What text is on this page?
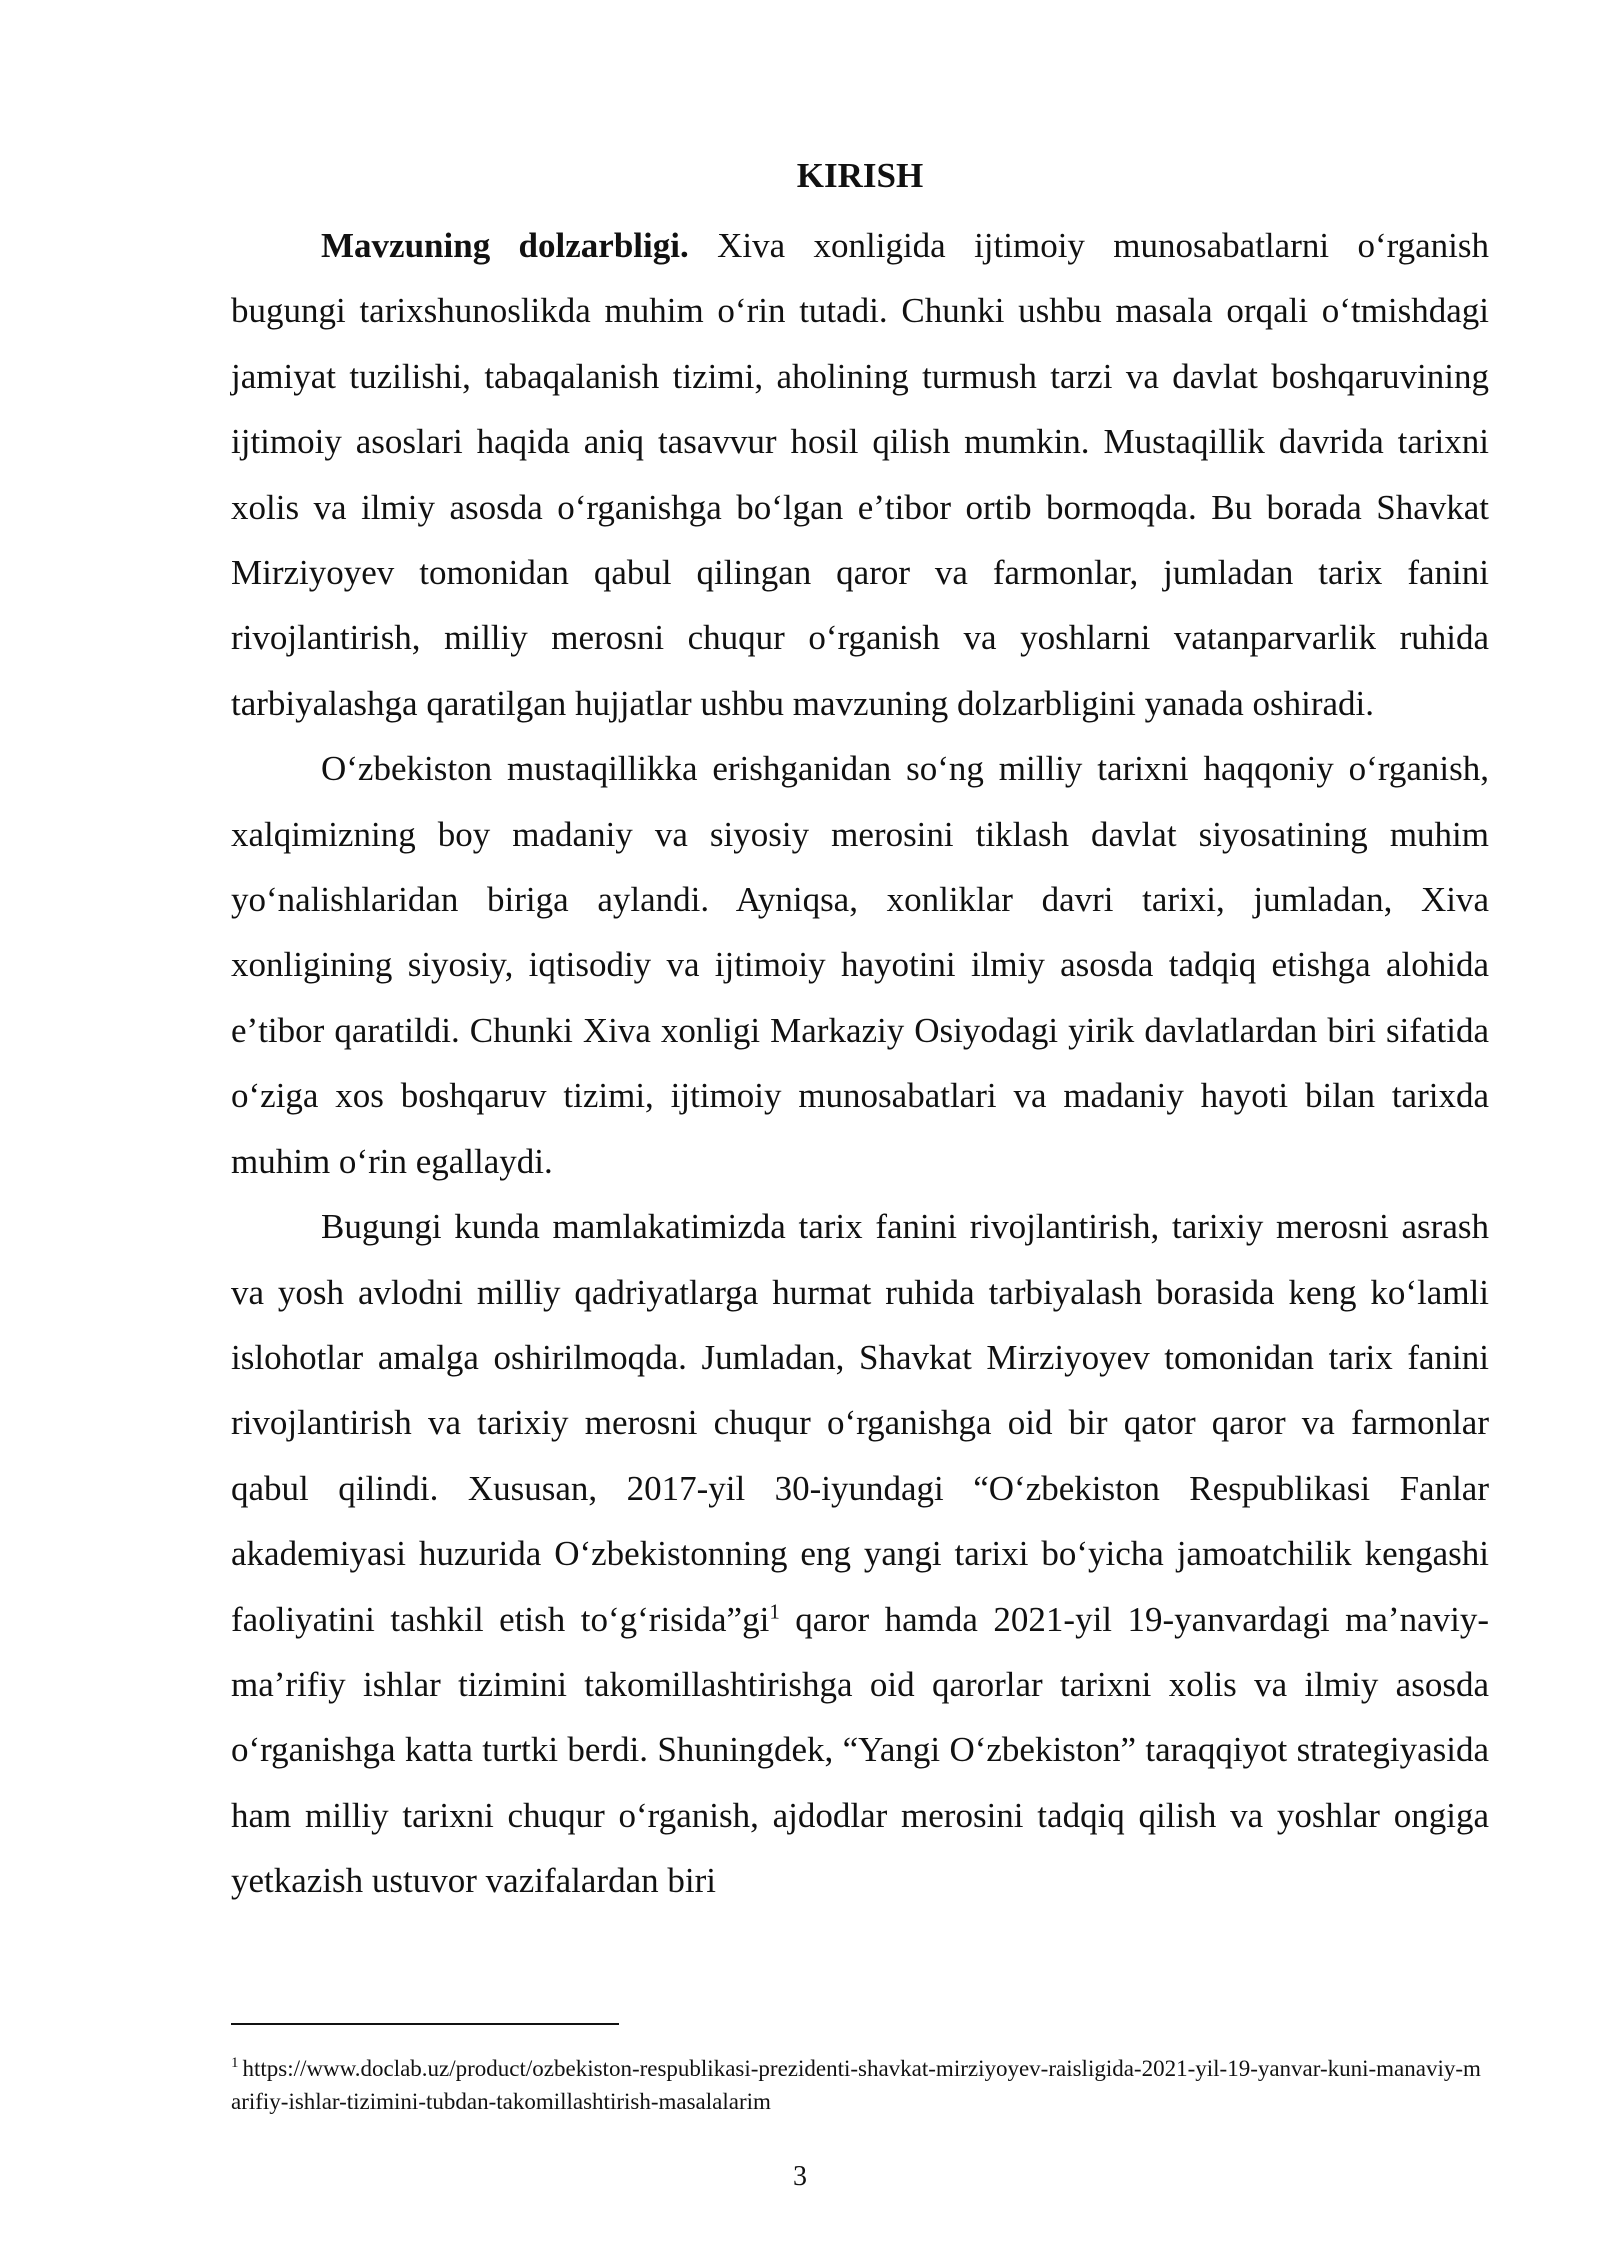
KIRISH

Mavzuning dolzarbligi. Xiva xonligida ijtimoiy munosabatlarni oʻrganish bugungi tarixshunoslikda muhim oʻrin tutadi. Chunki ushbu masala orqali oʻtmishdagi jamiyat tuzilishi, tabaqalanish tizimi, aholining turmush tarzi va davlat boshqaruvining ijtimoiy asoslari haqida aniq tasavvur hosil qilish mumkin. Mustaqillik davrida tarixni xolis va ilmiy asosda oʻrganishga boʻlgan eʼtibor ortib bormoqda. Bu borada Shavkat Mirziyoyev tomonidan qabul qilingan qaror va farmonlar, jumladan tarix fanini rivojlantirish, milliy merosni chuqur oʻrganish va yoshlarni vatanparvarlik ruhida tarbiyalashga qaratilgan hujjatlar ushbu mavzuning dolzarbligini yanada oshiradi.

Oʻzbekiston mustaqillikka erishganidan soʻng milliy tarixni haqqoniy oʻrganish, xalqimizning boy madaniy va siyosiy merosini tiklash davlat siyosatining muhim yoʻnalishlaridan biriga aylandi. Ayniqsa, xonliklar davri tarixi, jumladan, Xiva xonligining siyosiy, iqtisodiy va ijtimoiy hayotini ilmiy asosda tadqiq etishga alohida eʼtibor qaratildi. Chunki Xiva xonligi Markaziy Osiyodagi yirik davlatlardan biri sifatida oʻziga xos boshqaruv tizimi, ijtimoiy munosabatlari va madaniy hayoti bilan tarixda muhim oʻrin egallaydi.

Bugungi kunda mamlakatimizda tarix fanini rivojlantirish, tarixiy merosni asrash va yosh avlodni milliy qadriyatlarga hurmat ruhida tarbiyalash borasida keng koʻlamli islohotlar amalga oshirilmoqda. Jumladan, Shavkat Mirziyoyev tomonidan tarix fanini rivojlantirish va tarixiy merosni chuqur oʻrganishga oid bir qator qaror va farmonlar qabul qilindi. Xususan, 2017-yil 30-iyundagi “Oʻzbekiston Respublikasi Fanlar akademiyasi huzurida Oʻzbekistonning eng yangi tarixi boʻyicha jamoatchilik kengashi faoliyatini tashkil etish toʻgʻrisida”gi$^1$ qaror hamda 2021-yil 19-yanvardagi maʼnaviy-maʼrifiy ishlar tizimini takomillashtirishga oid qarorlar tarixni xolis va ilmiy asosda oʻrganishga katta turtki berdi. Shuningdek, “Yangi Oʻzbekiston” taraqqiyot strategiyasida ham milliy tarixni chuqur oʻrganish, ajdodlar merosini tadqiq qilish va yoshlar ongiga yetkazish ustuvor vazifalardan biri

$^1$ https://www.doclab.uz/product/ozbekiston-respublikasi-prezidenti-shavkat-mirziyoyev-raisligida-2021-yil-19-yanvar-kuni-manaviy-marifiy-ishlar-tizimini-tubdan-takomillashtirish-masalalarim

3
